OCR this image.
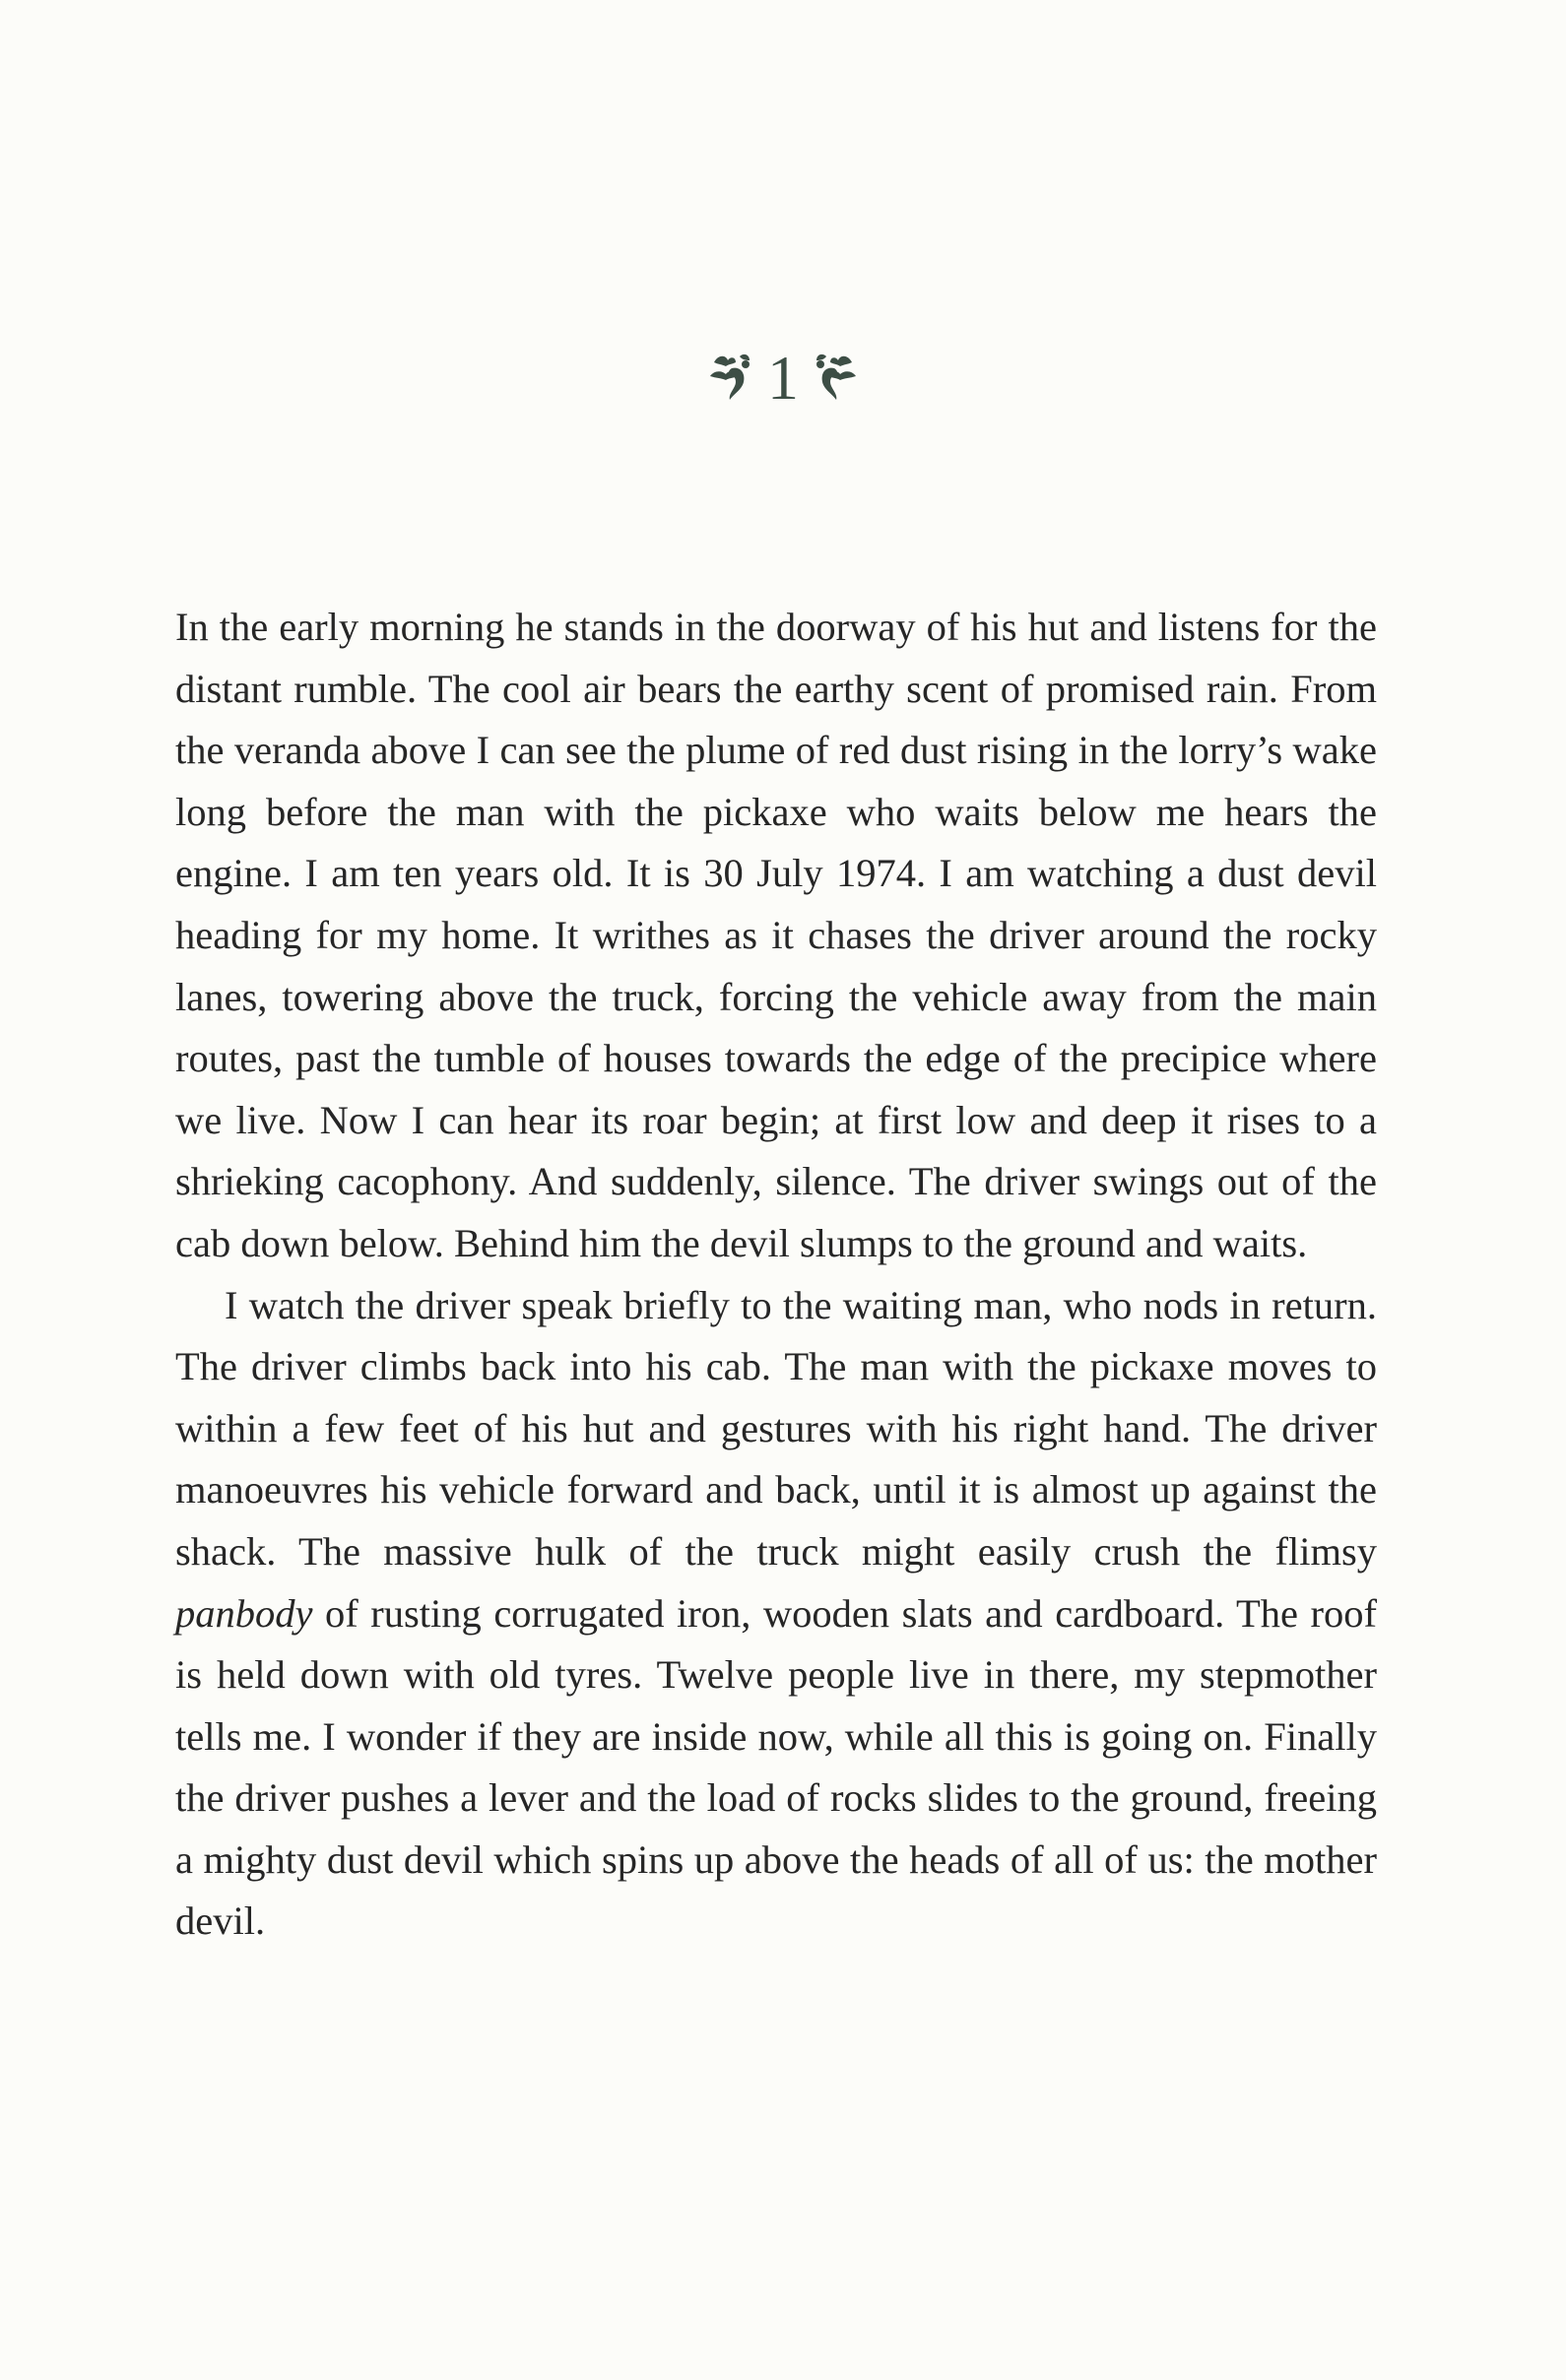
1

In the early morning he stands in the doorway of his hut and listens for the distant rumble. The cool air bears the earthy scent of promised rain. From the veranda above I can see the plume of red dust rising in the lorry’s wake long before the man with the pickaxe who waits below me hears the engine. I am ten years old. It is 30 July 1974. I am watching a dust devil heading for my home. It writhes as it chases the driver around the rocky lanes, towering above the truck, forcing the vehicle away from the main routes, past the tumble of houses towards the edge of the precipice where we live. Now I can hear its roar begin; at first low and deep it rises to a shrieking cacophony. And suddenly, silence. The driver swings out of the cab down below. Behind him the devil slumps to the ground and waits.

I watch the driver speak briefly to the waiting man, who nods in return. The driver climbs back into his cab. The man with the pickaxe moves to within a few feet of his hut and gestures with his right hand. The driver manoeuvres his vehicle forward and back, until it is almost up against the shack. The massive hulk of the truck might easily crush the flimsy panbody of rusting corrugated iron, wooden slats and cardboard. The roof is held down with old tyres. Twelve people live in there, my stepmother tells me. I wonder if they are inside now, while all this is going on. Finally the driver pushes a lever and the load of rocks slides to the ground, freeing a mighty dust devil which spins up above the heads of all of us: the mother devil.
